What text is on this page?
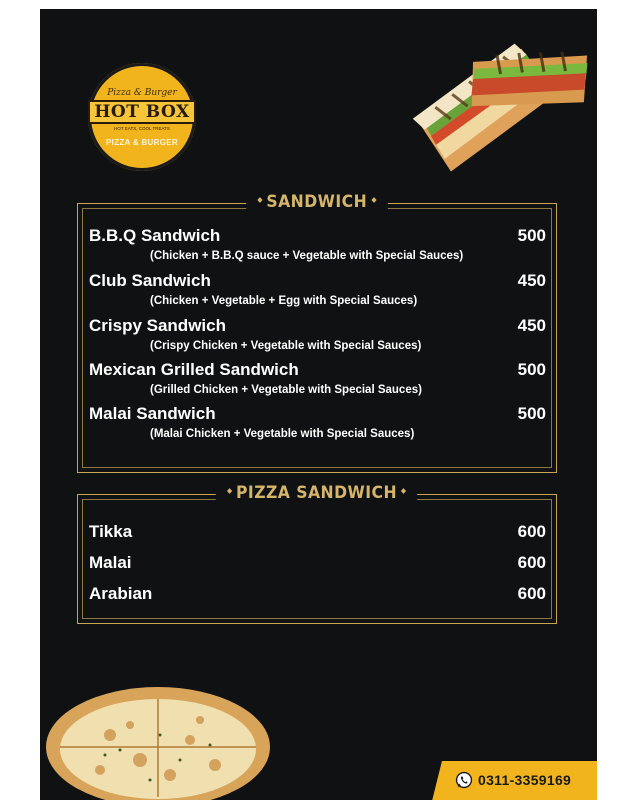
Pizza & Burger
HOT BOX
HOT EATS, COOL TREATS
PIZZA & BURGER
SANDWICH
B.B.Q Sandwich	500
(Chicken + B.B.Q sauce + Vegetable with Special Sauces)
Club Sandwich	450
(Chicken + Vegetable + Egg with Special Sauces)
Crispy Sandwich	450
(Crispy Chicken + Vegetable with Special Sauces)
Mexican Grilled Sandwich	500
(Grilled Chicken + Vegetable with Special Sauces)
Malai Sandwich	500
(Malai Chicken + Vegetable with Special Sauces)
PIZZA SANDWICH
Tikka	600
Malai	600
Arabian	600
0311-3359169
